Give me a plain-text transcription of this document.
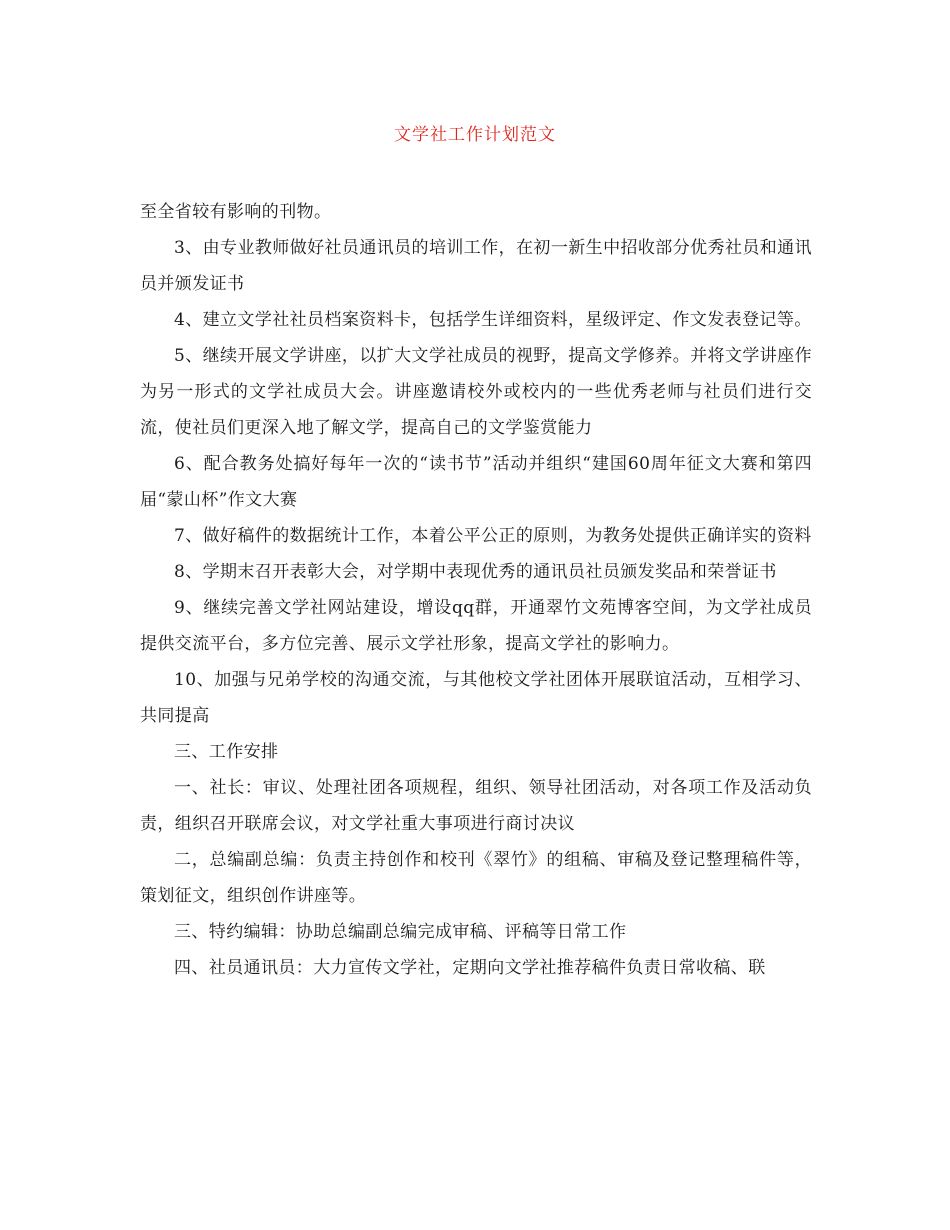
文学社工作计划范文

至全省较有影响的刊物。

3、由专业教师做好社员通讯员的培训工作，在初一新生中招收部分优秀社员和通讯员并颁发证书

4、建立文学社社员档案资料卡，包括学生详细资料，星级评定、作文发表登记等。

5、继续开展文学讲座，以扩大文学社成员的视野，提高文学修养。并将文学讲座作为另一形式的文学社成员大会。讲座邀请校外或校内的一些优秀老师与社员们进行交流，使社员们更深入地了解文学，提高自己的文学鉴赏能力

6、配合教务处搞好每年一次的“读书节”活动并组织“建国60周年征文大赛和第四届“蒙山杯”作文大赛

7、做好稿件的数据统计工作，本着公平公正的原则，为教务处提供正确详实的资料

8、学期末召开表彰大会，对学期中表现优秀的通讯员社员颁发奖品和荣誉证书

9、继续完善文学社网站建设，增设qq群，开通翠竹文苑博客空间，为文学社成员提供交流平台，多方位完善、展示文学社形象，提高文学社的影响力。

10、加强与兄弟学校的沟通交流，与其他校文学社团体开展联谊活动，互相学习、共同提高

三、工作安排

一、社长：审议、处理社团各项规程，组织、领导社团活动，对各项工作及活动负责，组织召开联席会议，对文学社重大事项进行商讨决议

二，总编副总编：负责主持创作和校刊《翠竹》的组稿、审稿及登记整理稿件等，策划征文，组织创作讲座等。

三、特约编辑：协助总编副总编完成审稿、评稿等日常工作

四、社员通讯员：大力宣传文学社，定期向文学社推荐稿件负责日常收稿、联
